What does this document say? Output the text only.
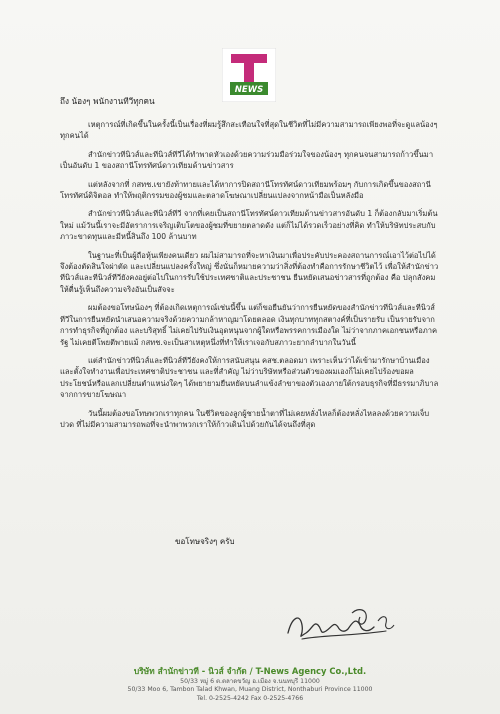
NEWS
ถึง น้องๆ พนักงานทีวีทุกคน

เหตุการณ์ที่เกิดขึ้นในครั้งนี้เป็นเรื่องที่ผมรู้สึกสะเทือนใจที่สุดในชีวิตที่ไม่มีความสามารถเพียงพอที่จะดูแลน้องๆ ทุกคนได้

สำนักข่าวทีนิวส์และทีนิวส์ทีวีได้ทำพาดหัวเองด้วยความร่วมมือร่วมใจของน้องๆ ทุกคนจนสามารถก้าวขึ้นมาเป็นอันดับ 1 ของสถานีโทรทัศน์ดาวเทียมด้านข่าวสาร

แต่หลังจากที่ กสทช.เขายังท้าทายและได้หาการปิดสถานีโทรทัศน์ดาวเทียมพร้อมๆ กับการเกิดขึ้นของสถานีโทรทัศน์ดิจิตอล ทำให้พฤติกรรมของผู้ชมและตลาดโฆษณาเปลี่ยนแปลงจากหน้ามือเป็นหลังมือ

สำนักข่าวทีนิวส์และทีนิวส์ทีวี จากที่เคยเป็นสถานีโทรทัศน์ดาวเทียมด้านข่าวสารอันดับ 1 ก็ต้องกลับมาเริ่มต้นใหม่ แม้วันนี้เราจะมีอัตราการเจริญเติบโตของผู้ชมที่ขยายตลาดดัง แต่ก็ไม่ได้รวดเร็วอย่างที่คิด ทำให้บริษัทประสบกับภาวะขาดทุนและมีหนี้สินถึง 100 ล้านบาท

ในฐานะที่เป็นผู้ถือหุ้นเพียงคนเดียว ผมไม่สามารถที่จะหาเงินมาเพื่อประคับประคองสถานการณ์เอาไว้ต่อไปได้ จึงต้องตัดสินใจผ่าตัด และเปลี่ยนแปลงครั้งใหญ่ ซึ่งนั่นก็หมายความว่าสิ่งที่ต้องทำคือการรักษาชีวิตไว้ เพื่อให้สำนักข่าวทีนิวส์และทีนิวส์ทีวียังคงอยู่ต่อไปในการรับใช้ประเทศชาติและประชาชน ยืนหยัดเสนอข่าวสารที่ถูกต้อง คือ ปลุกสังคมให้ตื่นรู้เห็นถึงความจริงอันเป็นสัจจะ

ผมต้องขอโทษน้องๆ ที่ต้องเกิดเหตุการณ์เช่นนี้ขึ้น แต่ก็ขอยืนยันว่าการยืนหยัดของสำนักข่าวทีนิวส์และทีนิวส์ทีวีในการยืนหยัดนำเสนอความจริงด้วยความกล้าหาญมาโดยตลอด เงินทุกบาททุกสตางค์ที่เป็นรายรับ เป็นรายรับจากการทำธุรกิจที่ถูกต้อง และบริสุทธิ์ ไม่เคยไปรับเงินอุดหนุนจากผู้ใดหรือพรรคการเมืองใด ไม่ว่าจากภาคเอกชนหรือภาครัฐ ไม่เคยตีโพยตีพายแม้ กสทช.จะเป็นสาเหตุหนึ่งที่ทำให้เราเจอกับสภาวะยากลำบากในวันนี้

แต่สำนักข่าวทีนิวส์และทีนิวส์ทีวียังคงให้การสนับสนุน คสช.ตลอดมา เพราะเห็นว่าได้เข้ามารักษาบ้านเมือง และตั้งใจทำงานเพื่อประเทศชาติประชาชน และที่สำคัญ ไม่ว่าบริษัทหรือส่วนตัวของผมเองก็ไม่เคยไปร้องขอผลประโยชน์หรือแลกเปลี่ยนตำแหน่งใดๆ ได้พยายามยืนหยัดบนลำแข้งลำขาของตัวเองภายใต้กรอบธุรกิจที่มีธรรมาภิบาลจากการขายโฆษณา

วันนี้ผมต้องขอโทษพวกเราทุกคน ในชีวิตของลูกผู้ชายน้ำตาที่ไม่เคยหลั่งไหลก็ต้องหลั่งไหลลงด้วยความเจ็บปวด ที่ไม่มีความสามารถพอที่จะนำพาพวกเราให้ก้าวเดินไปด้วยกันได้จนถึงที่สุด

ขอโทษจริงๆ ครับ
บริษัท สำนักข่าวที - นิวส์ จำกัด / T-News Agency Co.,Ltd.
50/33 หมู่ 6 ต.ตลาดขวัญ อ.เมือง จ.นนทบุรี 11000
50/33 Moo 6, Tambon Talad Khwan, Muang District, Nonthaburi Province 11000
Tel. 0-2525-4242 Fax 0-2525-4766
